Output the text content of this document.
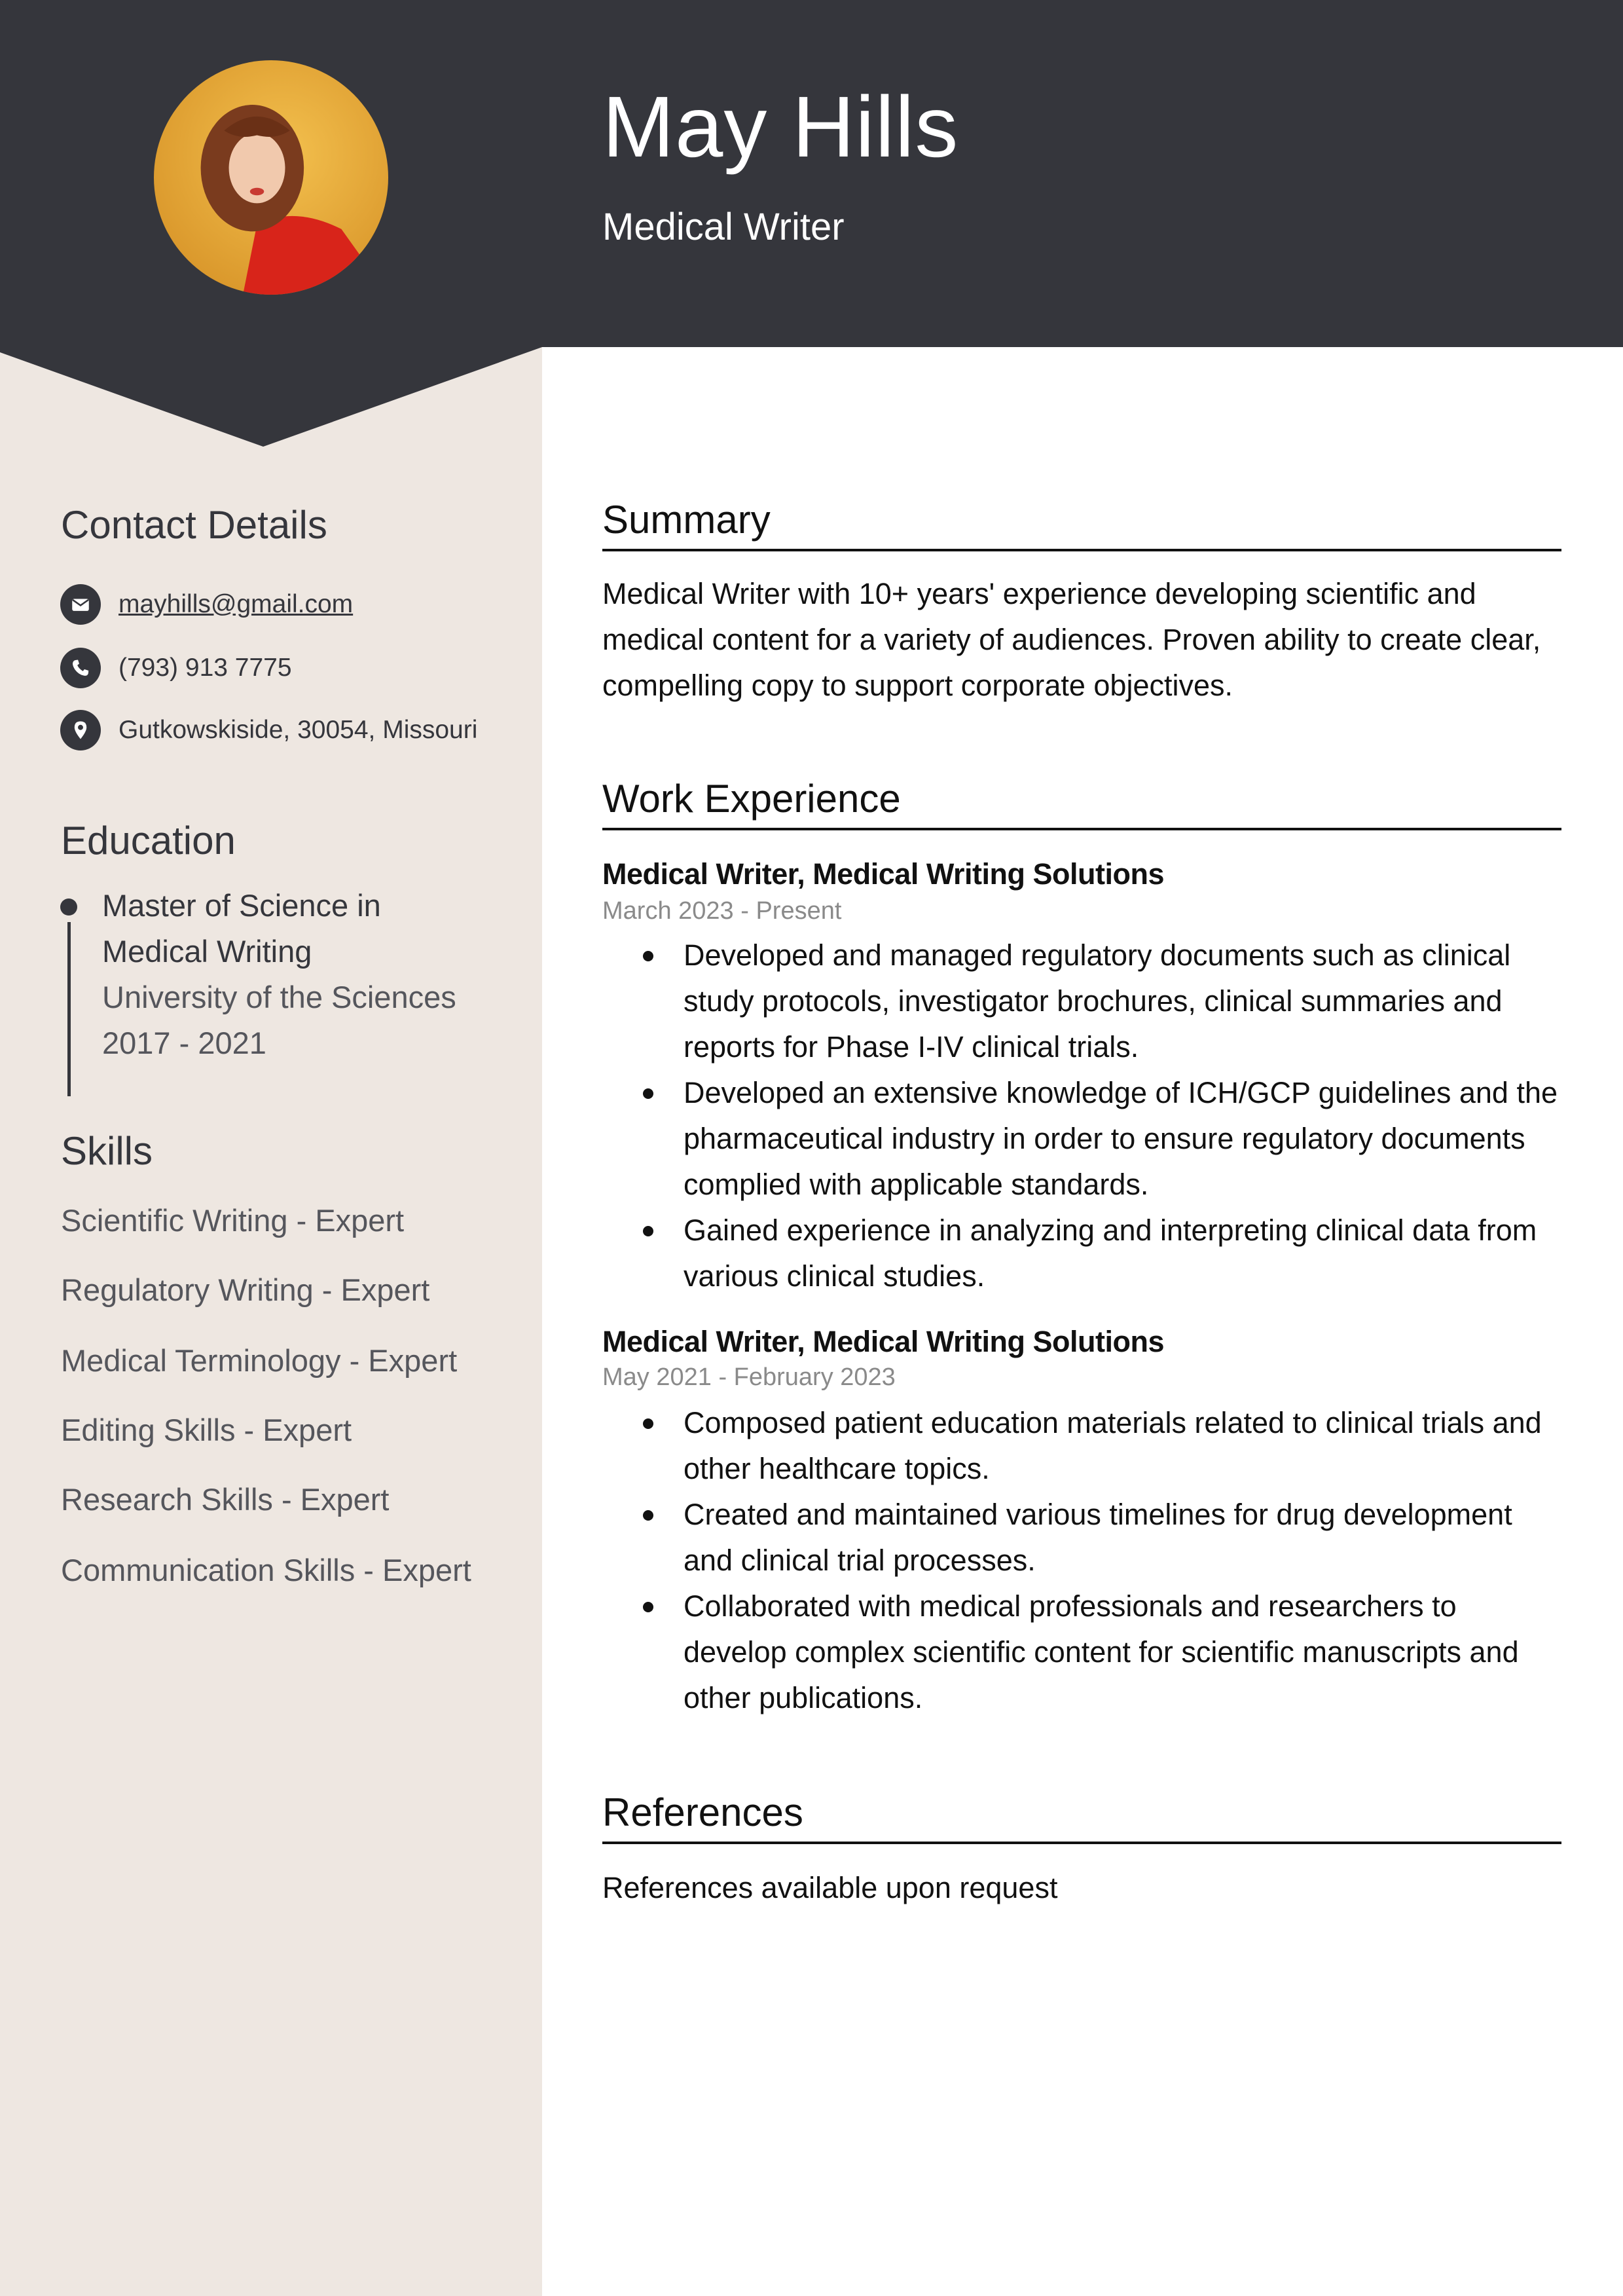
May Hills
Medical Writer
Contact Details
mayhills@gmail.com
(793) 913 7775
Gutkowskiside, 30054, Missouri
Education
Master of Science in Medical Writing
University of the Sciences
2017 - 2021
Skills
Scientific Writing - Expert
Regulatory Writing - Expert
Medical Terminology - Expert
Editing Skills - Expert
Research Skills - Expert
Communication Skills - Expert
Summary

Medical Writer with 10+ years' experience developing scientific and medical content for a variety of audiences. Proven ability to create clear, compelling copy to support corporate objectives.

Work Experience
Medical Writer, Medical Writing Solutions
March 2023 - Present
Developed and managed regulatory documents such as clinical study protocols, investigator brochures, clinical summaries and reports for Phase I-IV clinical trials.
Developed an extensive knowledge of ICH/GCP guidelines and the pharmaceutical industry in order to ensure regulatory documents complied with applicable standards.
Gained experience in analyzing and interpreting clinical data from various clinical studies.
Medical Writer, Medical Writing Solutions
May 2021 - February 2023
Composed patient education materials related to clinical trials and other healthcare topics.
Created and maintained various timelines for drug development and clinical trial processes.
Collaborated with medical professionals and researchers to develop complex scientific content for scientific manuscripts and other publications.
References

References available upon request
